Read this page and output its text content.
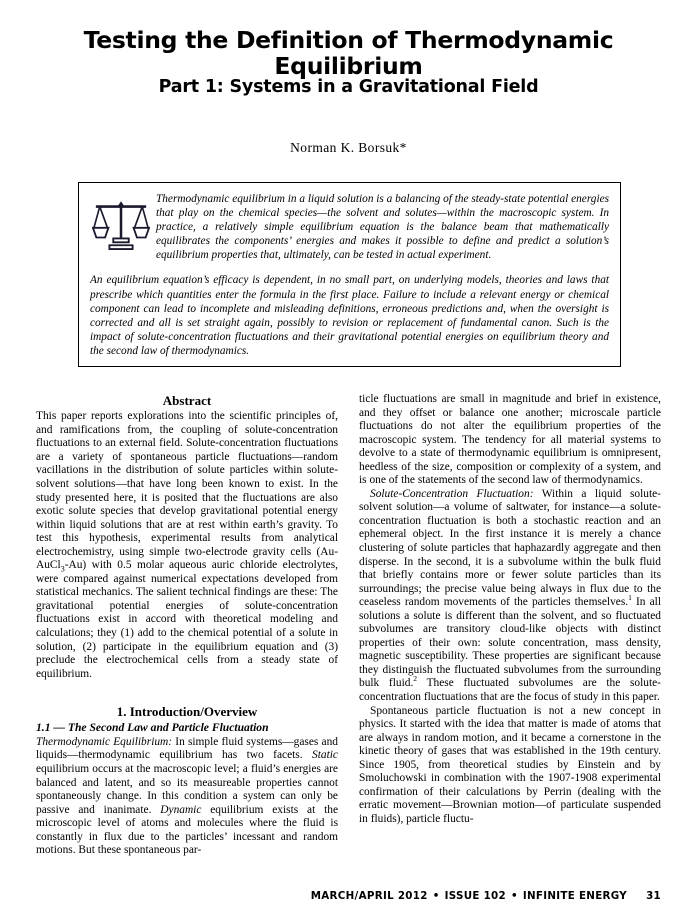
Testing the Definition of Thermodynamic Equilibrium
Part 1: Systems in a Gravitational Field
Norman K. Borsuk*

Thermodynamic equilibrium in a liquid solution is a balancing of the steady-state potential energies that play on the chemical species—the solvent and solutes—within the macroscopic system. In practice, a relatively simple equilibrium equation is the balance beam that mathematically equilibrates the components’ energies and makes it possible to define and predict a solution’s equilibrium properties that, ultimately, can be tested in actual experiment.

An equilibrium equation’s efficacy is dependent, in no small part, on underlying models, theories and laws that prescribe which quantities enter the formula in the first place. Failure to include a relevant energy or chemical component can lead to incomplete and misleading definitions, erroneous predictions and, when the oversight is corrected and all is set straight again, possibly to revision or replacement of fundamental canon. Such is the impact of solute-concentration fluctuations and their gravitational potential energies on equilibrium theory and the second law of thermodynamics.

Abstract

This paper reports explorations into the scientific principles of, and ramifications from, the coupling of solute-concentration fluctuations to an external field. Solute-concentration fluctuations are a variety of spontaneous particle fluctuations—random vacillations in the distribution of solute particles within solute-solvent solutions—that have long been known to exist. In the study presented here, it is posited that the fluctuations are also exotic solute species that develop gravitational potential energy within liquid solutions that are at rest within earth’s gravity. To test this hypothesis, experimental results from analytical electrochemistry, using simple two-electrode gravity cells (Au-AuCl$_3$-Au) with 0.5 molar aqueous auric chloride electrolytes, were compared against numerical expectations developed from statistical mechanics. The salient technical findings are these: The gravitational potential energies of solute-concentration fluctuations exist in accord with theoretical modeling and calculations; they (1) add to the chemical potential of a solute in solution, (2) participate in the equilibrium equation and (3) preclude the electrochemical cells from a steady state of equilibrium.

1. Introduction/Overview
1.1 — The Second Law and Particle Fluctuation

Thermodynamic Equilibrium: In simple fluid systems—gases and liquids—thermodynamic equilibrium has two facets. Static equilibrium occurs at the macroscopic level; a fluid’s energies are balanced and latent, and so its measureable properties cannot spontaneously change. In this condition a system can only be passive and inanimate. Dynamic equilibrium exists at the microscopic level of atoms and molecules where the fluid is constantly in flux due to the particles’ incessant and random motions. But these spontaneous par-

ticle fluctuations are small in magnitude and brief in existence, and they offset or balance one another; microscale particle fluctuations do not alter the equilibrium properties of the macroscopic system. The tendency for all material systems to devolve to a state of thermodynamic equilibrium is omnipresent, heedless of the size, composition or complexity of a system, and is one of the statements of the second law of thermodynamics.

Solute-Concentration Fluctuation: Within a liquid solute-solvent solution—a volume of saltwater, for instance—a solute-concentration fluctuation is both a stochastic reaction and an ephemeral object. In the first instance it is merely a chance clustering of solute particles that haphazardly aggregate and then disperse. In the second, it is a subvolume within the bulk fluid that briefly contains more or fewer solute particles than its surroundings; the precise value being always in flux due to the ceaseless random movements of the particles themselves.$^1$ In all solutions a solute is different than the solvent, and so fluctuated subvolumes are transitory cloud-like objects with distinct properties of their own: solute concentration, mass density, magnetic susceptibility. These properties are significant because they distinguish the fluctuated subvolumes from the surrounding bulk fluid.$^2$ These fluctuated subvolumes are the solute-concentration fluctuations that are the focus of study in this paper.

Spontaneous particle fluctuation is not a new concept in physics. It started with the idea that matter is made of atoms that are always in random motion, and it became a cornerstone in the kinetic theory of gases that was established in the 19th century. Since 1905, from theoretical studies by Einstein and by Smoluchowski in combination with the 1907-1908 experimental confirmation of their calculations by Perrin (dealing with the erratic movement—Brownian motion—of particulate suspended in fluids), particle fluctu-

MARCH/APRIL 2012 • ISSUE 102 • INFINITE ENERGY 31
